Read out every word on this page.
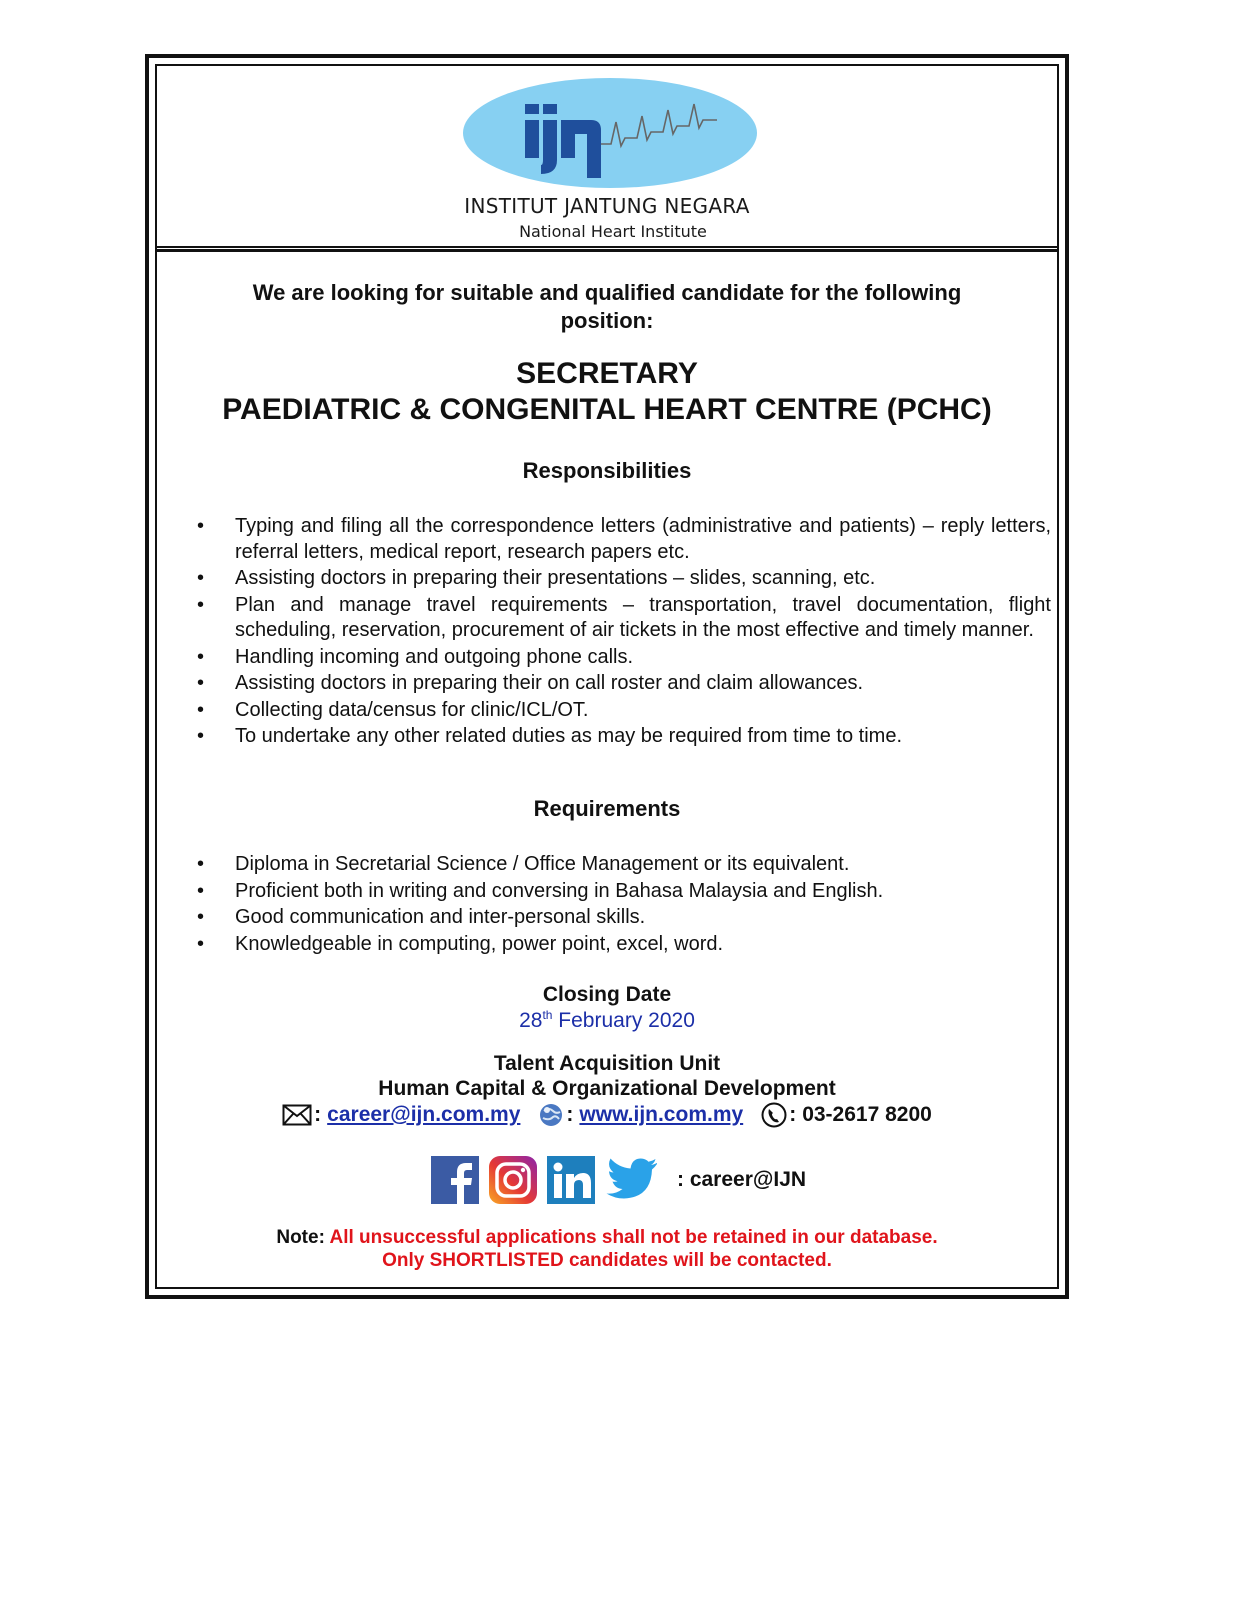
INSTITUT JANTUNG NEGARA
National Heart Institute
We are looking for suitable and qualified candidate for the following position:
SECRETARY
PAEDIATRIC & CONGENITAL HEART CENTRE (PCHC)
Responsibilities
• Typing and filing all the correspondence letters (administrative and patients) – reply letters, referral letters, medical report, research papers etc.
• Assisting doctors in preparing their presentations – slides, scanning, etc.
• Plan and manage travel requirements – transportation, travel documentation, flight scheduling, reservation, procurement of air tickets in the most effective and timely manner.
• Handling incoming and outgoing phone calls.
• Assisting doctors in preparing their on call roster and claim allowances.
• Collecting data/census for clinic/ICL/OT.
• To undertake any other related duties as may be required from time to time.
Requirements
• Diploma in Secretarial Science / Office Management or its equivalent.
• Proficient both in writing and conversing in Bahasa Malaysia and English.
• Good communication and inter-personal skills.
• Knowledgeable in computing, power point, excel, word.
Closing Date
28th February 2020
Talent Acquisition Unit
Human Capital & Organizational Development
: career@ijn.com.my : www.ijn.com.my : 03-2617 8200
: career@IJN
Note: All unsuccessful applications shall not be retained in our database.
Only SHORTLISTED candidates will be contacted.
